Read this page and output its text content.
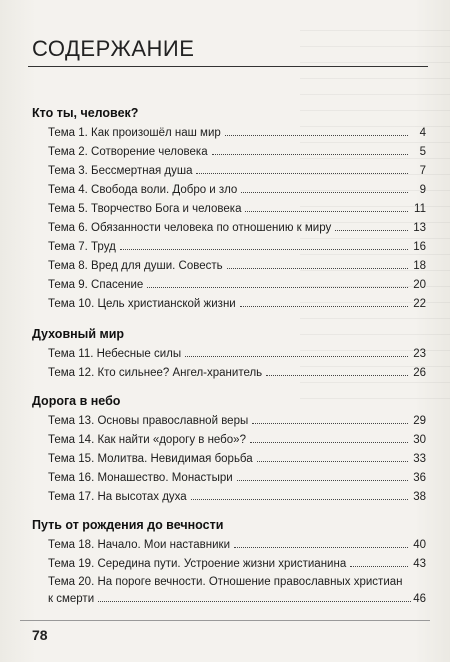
СОДЕРЖАНИЕ
Кто ты, человек?
Тема 1. Как произошёл наш мир	4
Тема 2. Сотворение человека	5
Тема 3. Бессмертная душа	7
Тема 4. Свобода воли. Добро и зло	9
Тема 5. Творчество Бога и человека	11
Тема 6. Обязанности человека по отношению к миру	13
Тема 7. Труд	16
Тема 8. Вред для души. Совесть	18
Тема 9. Спасение	20
Тема 10. Цель христианской жизни	22
Духовный мир
Тема 11. Небесные силы	23
Тема 12. Кто сильнее? Ангел-хранитель	26
Дорога в небо
Тема 13. Основы православной веры	29
Тема 14. Как найти «дорогу в небо»?	30
Тема 15. Молитва. Невидимая борьба	33
Тема 16. Монашество. Монастыри	36
Тема 17. На высотах духа	38
Путь от рождения до вечности
Тема 18. Начало. Мои наставники	40
Тема 19. Середина пути. Устроение жизни христианина	43
Тема 20. На пороге вечности. Отношение православных христиан
к смерти	46
78
